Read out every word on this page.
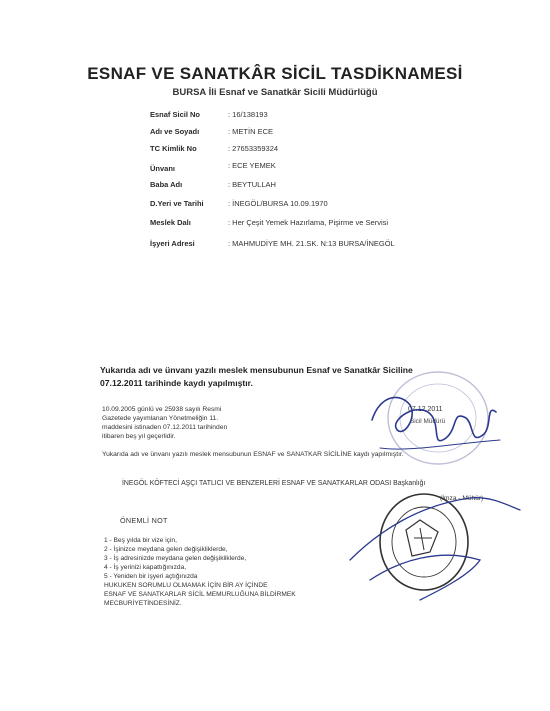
ESNAF VE SANATKÂR SİCİL TASDİKNAMESİ
BURSA İli Esnaf ve Sanatkâr Sicili Müdürlüğü
Esnaf Sicil No	: 16/138193
Adı ve Soyadı	: METİN ECE
TC Kimlik No	: 27653359324
Ünvanı	: ECE YEMEK
Baba Adı	: BEYTULLAH
D.Yeri ve Tarihi	: İNEGÖL/BURSA 10.09.1970
Meslek Dalı	: Her Çeşit Yemek Hazırlama, Pişirme ve Servisi
İşyeri Adresi	: MAHMUDİYE MH. 21.SK. N:13 BURSA/İNEGÖL
Yukarıda adı ve ünvanı yazılı meslek mensubunun Esnaf ve Sanatkâr Siciline
07.12.2011 tarihinde kaydı yapılmıştır.
10.09.2005 günlü ve 25938 sayılı Resmi
Gazetede yayımlanan Yönetmeliğin 11.
maddesini istinaden 07.12.2011 tarihinden
itibaren beş yıl geçerlidir.
07.12.2011
Sicil Müdürü
Yukarıda adı ve ünvanı yazılı meslek mensubunun ESNAF ve SANATKAR SİCİLİNE kaydı yapılmıştır.
İNEGÖL KÖFTECİ AŞÇI TATLICI VE BENZERLERİ ESNAF VE SANATKARLAR ODASI Başkanlığı
(İmza - Mühür)
ÖNEMLİ NOT
1 - Beş yılda bir vize için,
2 - İşinizce meydana gelen değişikliklerde,
3 - İş adresinizde meydana gelen değişikliklerde,
4 - İş yerinizi kapattığınızda,
5 - Yeniden bir işyeri açtığınızda
HUKUKEN SORUMLU OLMAMAK İÇİN BİR AY İÇİNDE
ESNAF VE SANATKARLAR SİCİL MEMURLUĞUNA BİLDİRMEK
MECBURİYETİNDESİNİZ.
